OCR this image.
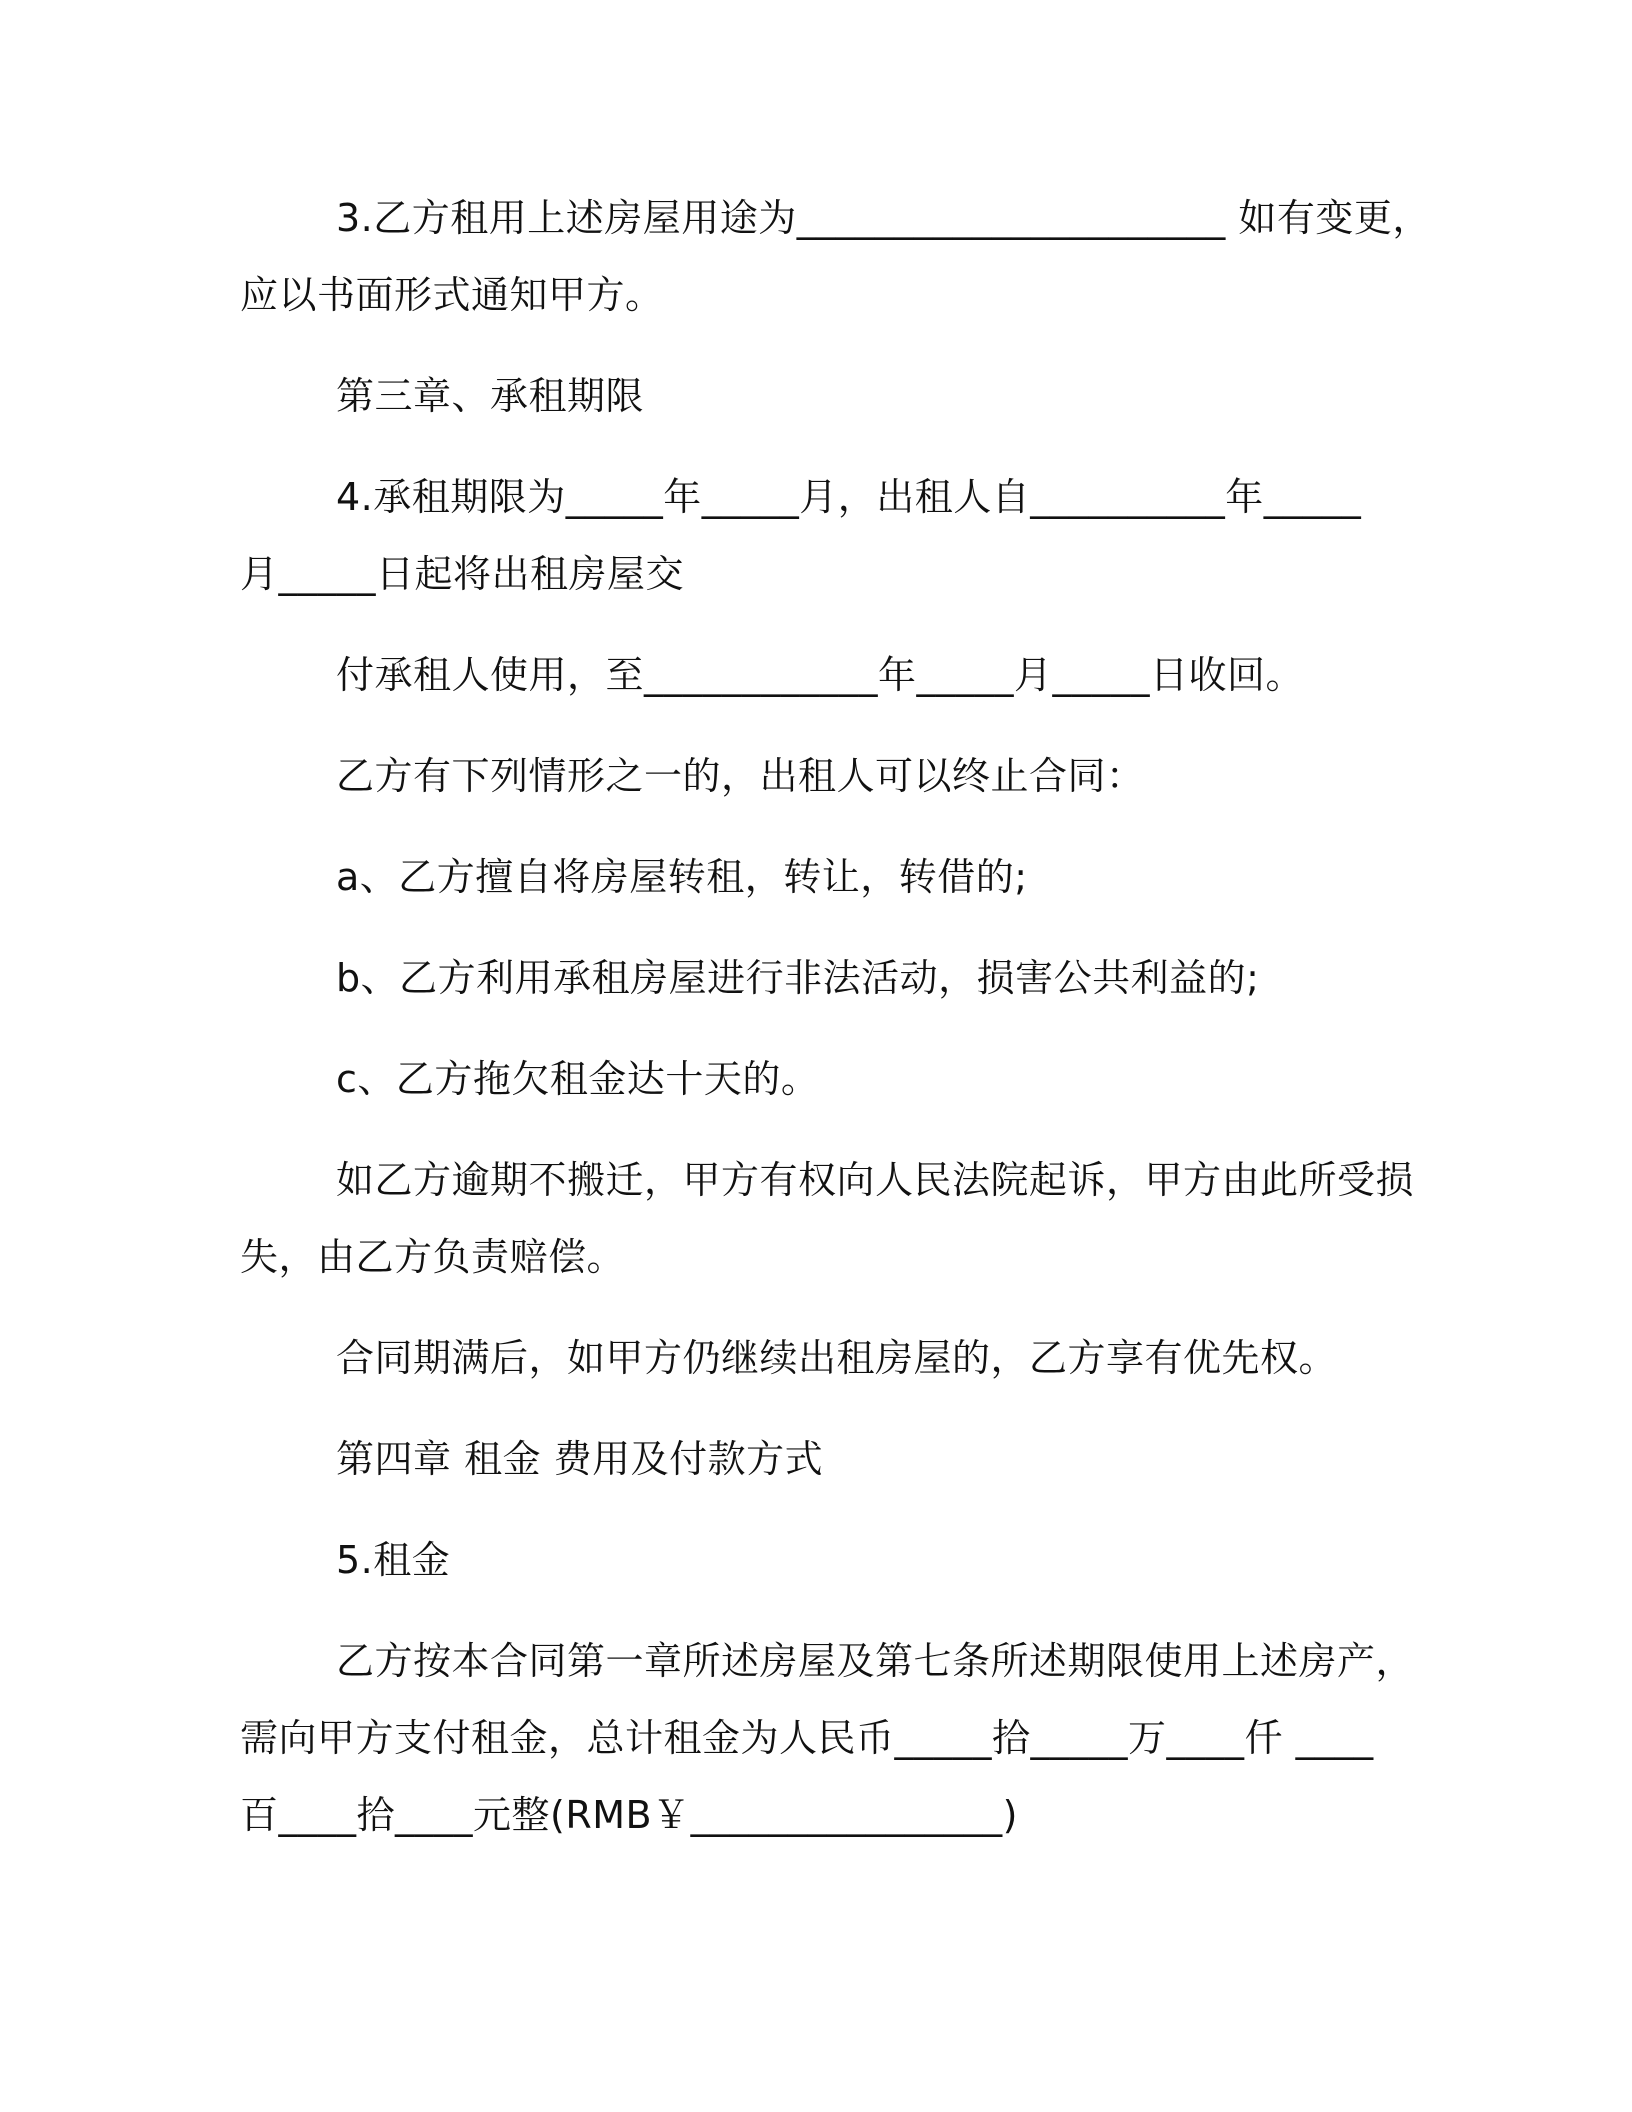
3.乙方租用上述房屋用途为______________________ 如有变更，
应以书面形式通知甲方。
第三章、承租期限
4.承租期限为_____年_____月，出租人自__________年_____
月_____日起将出租房屋交
付承租人使用，至____________年_____月_____日收回。
乙方有下列情形之一的，出租人可以终止合同：
a、乙方擅自将房屋转租，转让，转借的;
b、乙方利用承租房屋进行非法活动，损害公共利益的;
c、乙方拖欠租金达十天的。
如乙方逾期不搬迁，甲方有权向人民法院起诉，甲方由此所受损
失，由乙方负责赔偿。
合同期满后，如甲方仍继续出租房屋的，乙方享有优先权。
第四章 租金 费用及付款方式
5.租金
乙方按本合同第一章所述房屋及第七条所述期限使用上述房产，
需向甲方支付租金，总计租金为人民币_____拾_____万____仟 ____
百____拾____元整(RMB￥________________)
